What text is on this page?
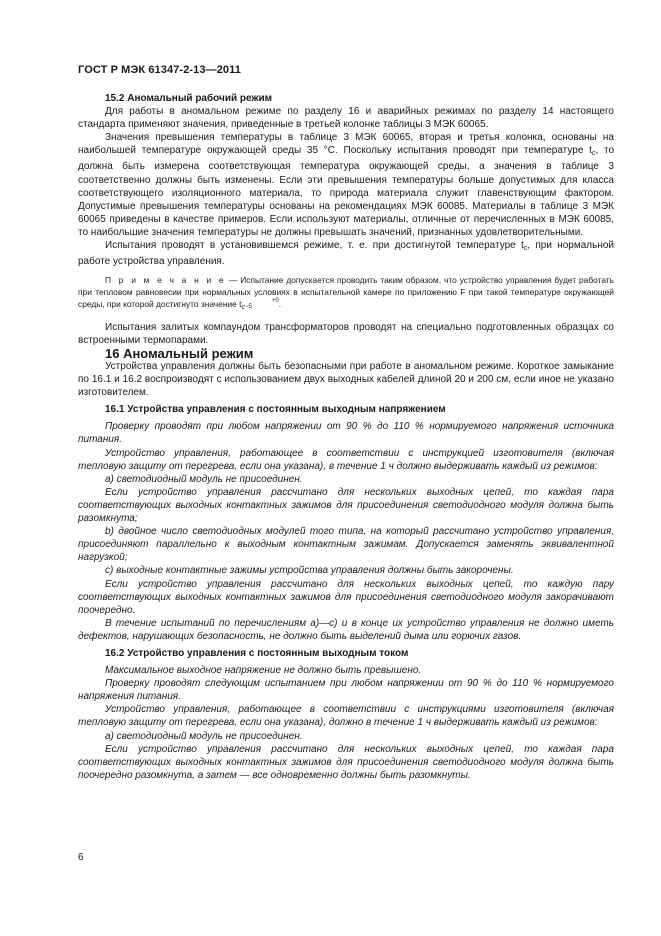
ГОСТ Р МЭК 61347-2-13—2011

15.2 Аномальный рабочий режим

Для работы в аномальном режиме по разделу 16 и аварийных режимах по разделу 14 настоящего стандарта применяют значения, приведенные в третьей колонке таблицы 3 МЭК 60065.

Значения превышения температуры в таблице 3 МЭК 60065, вторая и третья колонка, основаны на наибольшей температуре окружающей среды 35 °C. Поскольку испытания проводят при температуре $t_c$, то должна быть измерена соответствующая температура окружающей среды, а значения в таблице 3 соответственно должны быть изменены. Если эти превышения температуры больше допустимых для класса соответствующего изоляционного материала, то природа материала служит главенствующим фактором. Допустимые превышения температуры основаны на рекомендациях МЭК 60085. Материалы в таблице 3 МЭК 60065 приведены в качестве примеров. Если используют материалы, отличные от перечисленных в МЭК 60085, то наибольшие значения температуры не должны превышать значений, признанных удовлетворительными.

Испытания проводят в установившемся режиме, т. е. при достигнутой температуре $t_c$, при нормальной работе устройства управления.

П р и м е ч а н и е — Испытание допускается проводить таким образом, что устройство управления будет работать при тепловом равновесии при нормальных условиях в испытательной камере по приложению F при такой температуре окружающей среды, при которой достигнуто значение $t_c+0$
−5	.

Испытания залитых компаундом трансформаторов проводят на специально подготовленных образцах со встроенными термопарами.

16 Аномальный режим

Устройства управления должны быть безопасными при работе в аномальном режиме. Короткое замыкание по 16.1 и 16.2 воспроизводят с использованием двух выходных кабелей длиной 20 и 200 см, если иное не указано изготовителем.

16.1 Устройства управления с постоянным выходным напряжением

Проверку проводят при любом напряжении от 90 % до 110 % нормируемого напряжения источника питания.

Устройство управления, работающее в соответствии с инструкцией изготовителя (включая тепловую защиту от перегрева, если она указана), в течение 1 ч должно выдерживать каждый из режимов:

а) светодиодный модуль не присоединен.

Если устройство управления рассчитано для нескольких выходных цепей, то каждая пара соответствующих выходных контактных зажимов для присоединения светодиодного модуля должна быть разомкнута;

b) двойное число светодиодных модулей того типа, на который рассчитано устройство управления, присоединяют параллельно к выходным контактным зажимам. Допускается заменять эквивалентной нагрузкой;

c) выходные контактные зажимы устройства управления должны быть закорочены.

Если устройство управления рассчитано для нескольких выходных цепей, то каждую пару соответствующих выходных контактных зажимов для присоединения светодиодного модуля закорачивают поочередно.

В течение испытаний по перечислениям а)—c) и в конце их устройство управления не должно иметь дефектов, нарушающих безопасность, не должно быть выделений дыма или горючих газов.

16.2 Устройство управления с постоянным выходным током

Максимальное выходное напряжение не должно быть превышено.

Проверку проводят следующим испытанием при любом напряжении от 90 % до 110 % нормируемого напряжения питания.

Устройство управления, работающее в соответствии с инструкциями изготовителя (включая тепловую защиту от перегрева, если она указана), должно в течение 1 ч выдерживать каждый из режимов:

а) светодиодный модуль не присоединен.

Если устройство управления рассчитано для нескольких выходных цепей, то каждая пара соответствующих выходных контактных зажимов для присоединения светодиодного модуля должна быть поочередно разомкнута, а затем — все одновременно должны быть разомкнуты.

6
